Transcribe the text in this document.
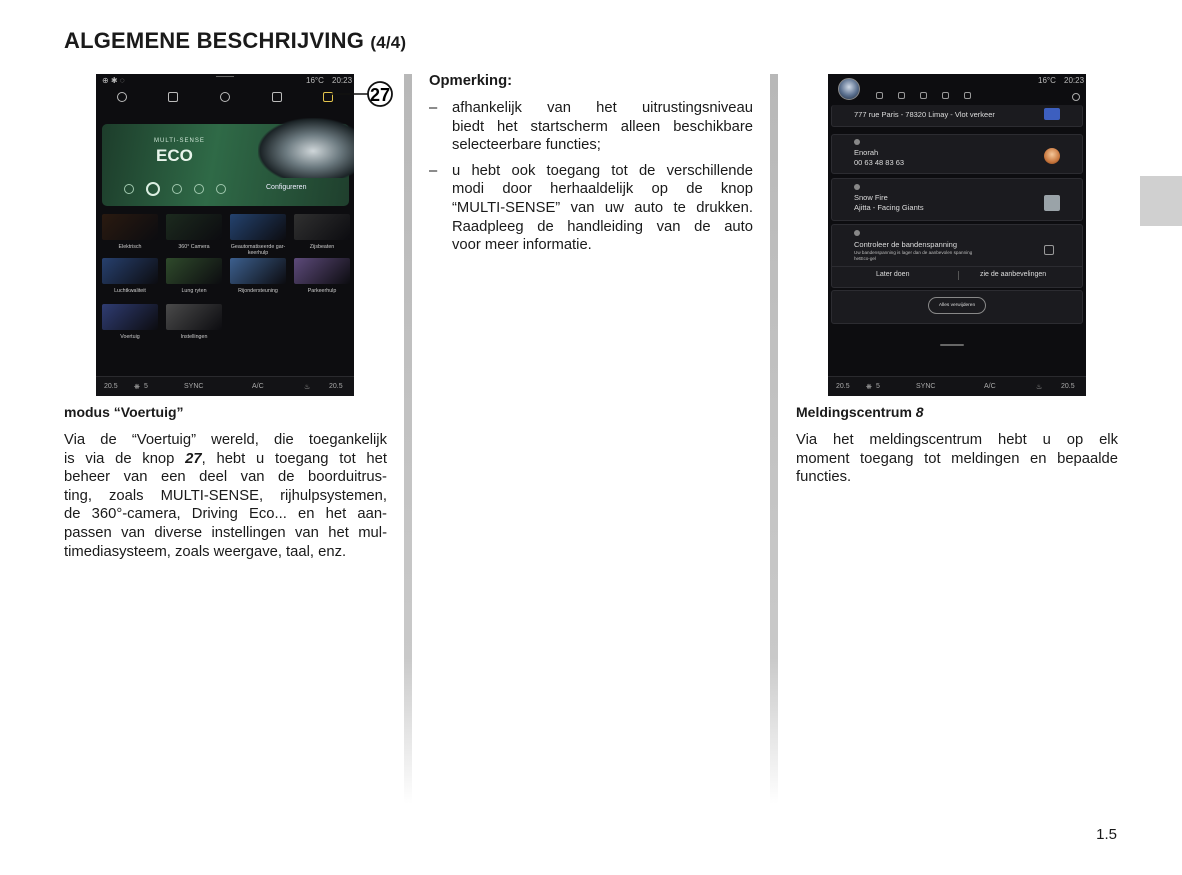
ALGEMENE BESCHRIJVING (4/4)
⊕ ✱ ◌	16°C 20:23
MULTI-SENSE
ECO
Configureren
Elektrisch	360° Camera	Geautomatiseerde gar-
keerhulp
Zijsbeaten
Luchtkwaliteit	Lung ryten	Rijondersteuning	Parkeerhulp
Voertuig	Instellingen
20.5 ❋ 5	SYNC	A/C	♨	20.5
27
modus “Voertuig”
Via de “Voertuig” wereld, die toegankelijk
is via de knop 27, hebt u toegang tot het
beheer van een deel van de boorduitrus-
ting, zoals MULTI-SENSE, rijhulpsystemen,
de 360°-camera, Driving Eco... en het aan-
passen van diverse instellingen van het mul-
timediasysteem, zoals weergave, taal, enz.
Opmerking:
– afhankelijk van het uitrustingsniveau
biedt het startscherm alleen beschikbare
selecteerbare functies;
– u hebt ook toegang tot de verschillende
modi door herhaaldelijk op de knop
“MULTI-SENSE” van uw auto te drukken.
Raadpleeg de handleiding van de auto
voor meer informatie.
16°C 20:23
777 rue Paris - 78320 Limay - Vlot verkeer
Enorah
00 63 48 83 63
Snow Fire
Ajitta - Facing Giants
Controleer de bandenspanning
Uw bandenspanning is lager dan de aanbevolen spanning
hetEco-gel
Later doen	zie de aanbevelingen
Alles verwijderen
20.5 ❋ 5	SYNC	A/C	♨	20.5
Meldingscentrum 8
Via het meldingscentrum hebt u op elk
moment toegang tot meldingen en bepaalde
functies.
1.5
